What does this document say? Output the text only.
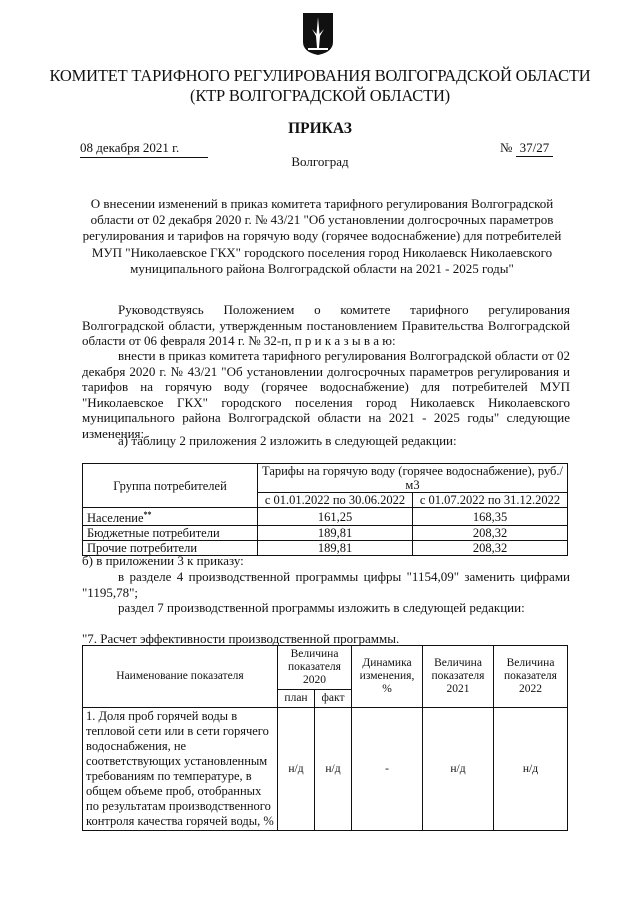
КОМИТЕТ ТАРИФНОГО РЕГУЛИРОВАНИЯ ВОЛГОГРАДСКОЙ ОБЛАСТИ
(КТР ВОЛГОГРАДСКОЙ ОБЛАСТИ)
ПРИКАЗ
08 декабря 2021 г.	№ 37/27
Волгоград
О внесении изменений в приказ комитета тарифного регулирования Волгоградской области от 02 декабря 2020 г. № 43/21 "Об установлении долгосрочных параметров регулирования и тарифов на горячую воду (горячее водоснабжение) для потребителей МУП "Николаевское ГКХ" городского поселения город Николаевск Николаевского муниципального района Волгоградской области на 2021 - 2025 годы"
Руководствуясь Положением о комитете тарифного регулирования Волгоградской области, утвержденным постановлением Правительства Волгоградской области от 06 февраля 2014 г. № 32-п, п р и к а з ы в а ю:
внести в приказ комитета тарифного регулирования Волгоградской области от 02 декабря 2020 г. № 43/21 "Об установлении долгосрочных параметров регулирования и тарифов на горячую воду (горячее водоснабжение) для потребителей МУП "Николаевское ГКХ" городского поселения город Николаевск Николаевского муниципального района Волгоградской области на 2021 - 2025 годы" следующие изменения:
а) таблицу 2 приложения 2 изложить в следующей редакции:
Группа потребителей	Тарифы на горячую воду (горячее водоснабжение), руб./м3	
	с 01.01.2022 по 30.06.2022	с 01.07.2022 по 31.12.2022
Население**	161,25	168,35
Бюджетные потребители	189,81	208,32
Прочие потребители	189,81	208,32
б) в приложении 3 к приказу:
в разделе 4 производственной программы цифры "1154,09" заменить цифрами "1195,78";
раздел 7 производственной программы изложить в следующей редакции:
"7. Расчет эффективности производственной программы.
Наименование показателя	Величина показателя 2020		Динамика изменения, %	Величина показателя 2021	Величина показателя 2022
	план	факт			
1. Доля проб горячей воды в тепловой сети или в сети горячего водоснабжения, не соответствующих установленным требованиям по температуре, в общем объеме проб, отобранных по результатам производственного контроля качества горячей воды, %	н/д	н/д	-	н/д	н/д
